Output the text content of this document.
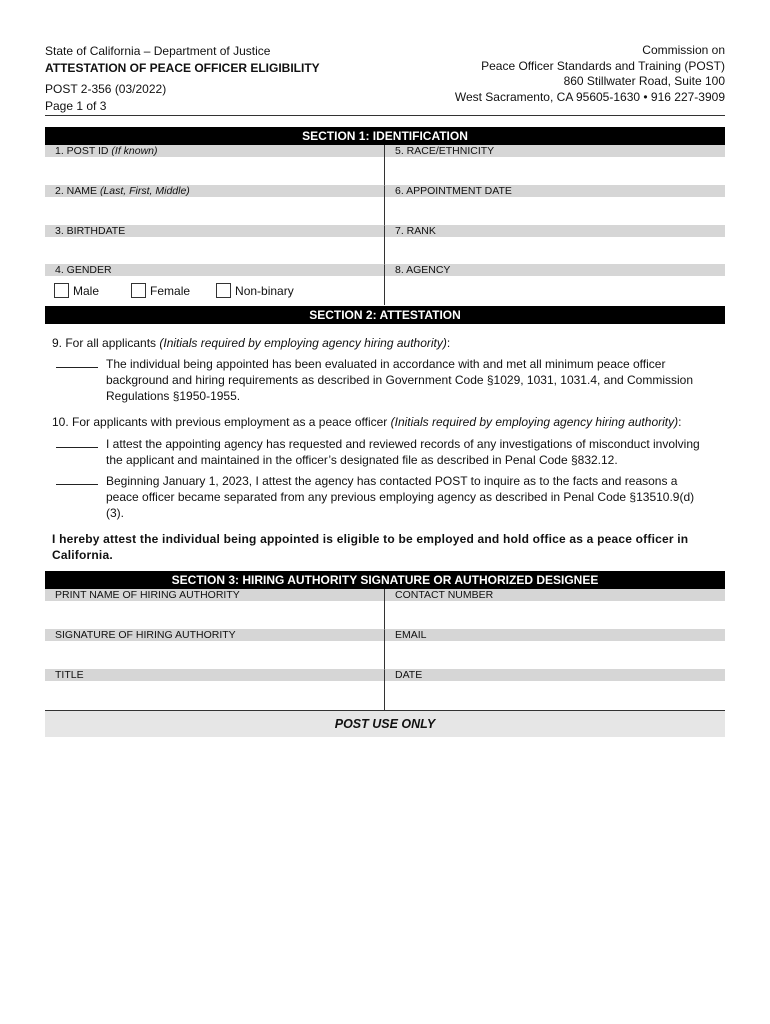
State of California – Department of Justice
ATTESTATION OF PEACE OFFICER ELIGIBILITY
POST 2-356 (03/2022)
Page 1 of 3
Commission on
Peace Officer Standards and Training (POST)
860 Stillwater Road, Suite 100
West Sacramento, CA 95605-1630 • 916 227-3909
SECTION 1: IDENTIFICATION
1. POST ID (If known)	5. RACE/ETHNICITY
2. NAME (Last, First, Middle)	6. APPOINTMENT DATE
3. BIRTHDATE	7. RANK
4. GENDER	8. AGENCY
Male	Female	Non-binary
SECTION 2: ATTESTATION
9. For all applicants (Initials required by employing agency hiring authority):
The individual being appointed has been evaluated in accordance with and met all minimum peace officer background and hiring requirements as described in Government Code §1029, 1031, 1031.4, and Commission Regulations §1950-1955.
10. For applicants with previous employment as a peace officer (Initials required by employing agency hiring authority):
I attest the appointing agency has requested and reviewed records of any investigations of misconduct involving the applicant and maintained in the officer’s designated file as described in Penal Code §832.12.
Beginning January 1, 2023, I attest the agency has contacted POST to inquire as to the facts and reasons a peace officer became separated from any previous employing agency as described in Penal Code §13510.9(d)(3).
I hereby attest the individual being appointed is eligible to be employed and hold office as a peace officer in California.
SECTION 3: HIRING AUTHORITY SIGNATURE OR AUTHORIZED DESIGNEE
PRINT NAME OF HIRING AUTHORITY	CONTACT NUMBER
SIGNATURE OF HIRING AUTHORITY	EMAIL
TITLE	DATE
POST USE ONLY
